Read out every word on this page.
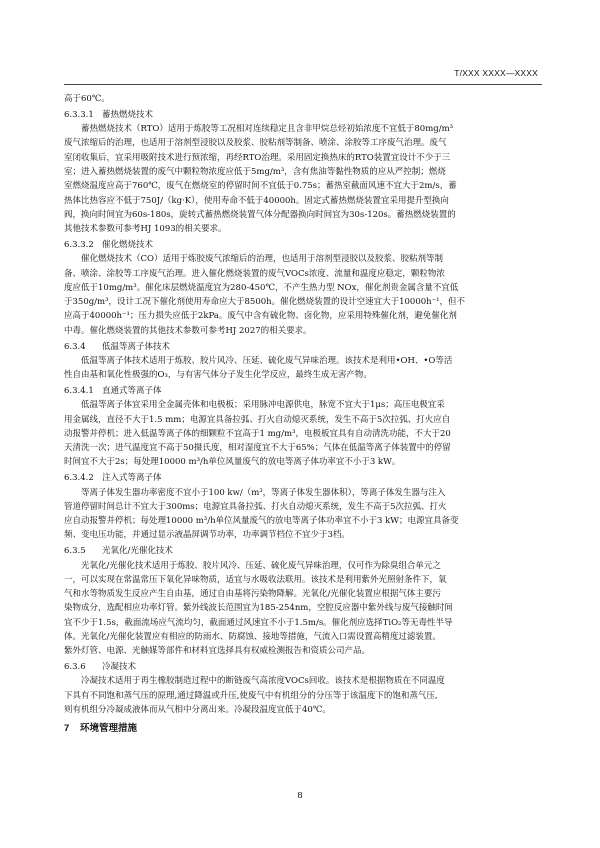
T/XXX XXXX—XXXX
高于60℃。
6.3.3.1 蓄热燃烧技术
蓄热燃烧技术（RTO）适用于炼胶等工况相对连续稳定且含非甲烷总烃初始浓度不宜低于80mg/m³
废气浓缩后的治理，也适用于溶剂型浸胶以及胶浆、胶粘剂等制备、喷涂、涂胶等工序废气治理。废气
室闭收集后，宜采用吸附技术进行预浓缩，再经RTO治理。采用固定换热床的RTO装置宜设计不少于三
室；进入蓄热燃烧装置的废气中颗粒物浓度应低于5mg/m³，含有焦油等黏性物质的应从严控制；燃烧
室燃烧温度应高于760℃，废气在燃烧室的停留时间不宜低于0.75s；蓄热室截面风速不宜大于2m/s，蓄
热体比热容应不低于750J/（kg·K），使用寿命不低于40000h。固定式蓄热燃烧装置宜采用提升型换向
阀，换向时间宜为60s-180s，旋转式蓄热燃烧装置气体分配器换向时间宜为30s-120s。蓄热燃烧装置的
其他技术参数可参考HJ 1093的相关要求。
6.3.3.2 催化燃烧技术
催化燃烧技术（CO）适用于炼胶废气浓缩后的治理，也适用于溶剂型浸胶以及胶浆、胶粘剂等制
备、喷涂、涂胶等工序废气治理。进入催化燃烧装置的废气VOCs浓度、流量和温度应稳定，颗粒物浓
度应低于10mg/m³。催化床层燃烧温度宜为280-450℃，不产生热力型 NOx，催化剂贵金属含量不宜低
于350g/m³，设计工况下催化剂使用寿命应大于8500h。催化燃烧装置的设计空速宜大于10000h⁻¹，但不
应高于40000h⁻¹；压力损失应低于2kPa。废气中含有硫化物、卤化物，应采用特殊催化剂，避免催化剂
中毒。催化燃烧装置的其他技术参数可参考HJ 2027的相关要求。
6.3.4 低温等离子体技术
低温等离子体技术适用于炼胶、胶片风冷、压延、硫化废气异味治理。该技术是利用•OH、•O等活
性自由基和氧化性极强的O₃，与有害气体分子发生化学反应，最终生成无害产物。
6.3.4.1 直通式等离子体
低温等离子体宜采用全金属壳体和电极板；采用脉冲电源供电，脉宽不宜大于1μs；高压电极宜采
用金属线，直径不大于1.5 mm；电源宜具备拉弧、打火自动熄灭系统，发生不高于5次拉弧、打火应自
动报警并停机；进入低温等离子体的细颗粒不宜高于1 mg/m³，电极板宜具有自动清洗功能，不大于20
天清洗一次；进气温度宜不高于50摄氏度，相对湿度宜不大于65%；气体在低温等离子体装置中的停留
时间宜不大于2s；每处理10000 m³/h单位风量废气的放电等离子体功率宜不小于3 kW。
6.3.4.2 注入式等离子体
等离子体发生器功率密度不宜小于100 kw/（m³，等离子体发生器体积），等离子体发生器与注入
管道停留时间总计不宜大于300ms；电源宜具备拉弧、打火自动熄灭系统，发生不高于5次拉弧、打火
应自动报警并停机；每处理10000 m³/h单位风量废气的放电等离子体功率宜不小于3 kW；电源宜具备变
频、变电压功能，并通过显示液晶屏调节功率，功率调节档位不宜少于3档。
6.3.5 光氧化/光催化技术
光氧化/光催化技术适用于炼胶、胶片风冷、压延、硫化废气异味治理，仅可作为除臭组合单元之
一，可以实现在常温常压下氧化异味物质，适宜与水吸收法联用。该技术是利用紫外光照射条件下，氧
气和水等物质发生反应产生自由基，通过自由基将污染物降解。光氧化/光催化装置应根据气体主要污
染物成分，选配相应功率灯管。紫外线波长范围宜为185-254nm，空腔反应器中紫外线与废气接触时间
宜不少于1.5s，截面流场应气流均匀，截面通过风速宜不小于1.5m/s。催化剂应选择TiO₂等无毒性半导
体。光氧化/光催化装置应有相应的防雨水、防腐蚀、接地等措施，气流入口需设置高精度过滤装置。
紫外灯管、电源、光触媒等部件和材料宜选择具有权威检测报告和资质公司产品。
6.3.6 冷凝技术
冷凝技术适用于再生橡胶制造过程中的断链废气高浓度VOCs回收。该技术是根据物质在不同温度
下具有不同饱和蒸气压的原理,通过降温或升压,使废气中有机组分的分压等于该温度下的饱和蒸气压,
则有机组分冷凝成液体而从气相中分离出来。冷凝段温度宜低于40℃。
7 环境管理措施
8
